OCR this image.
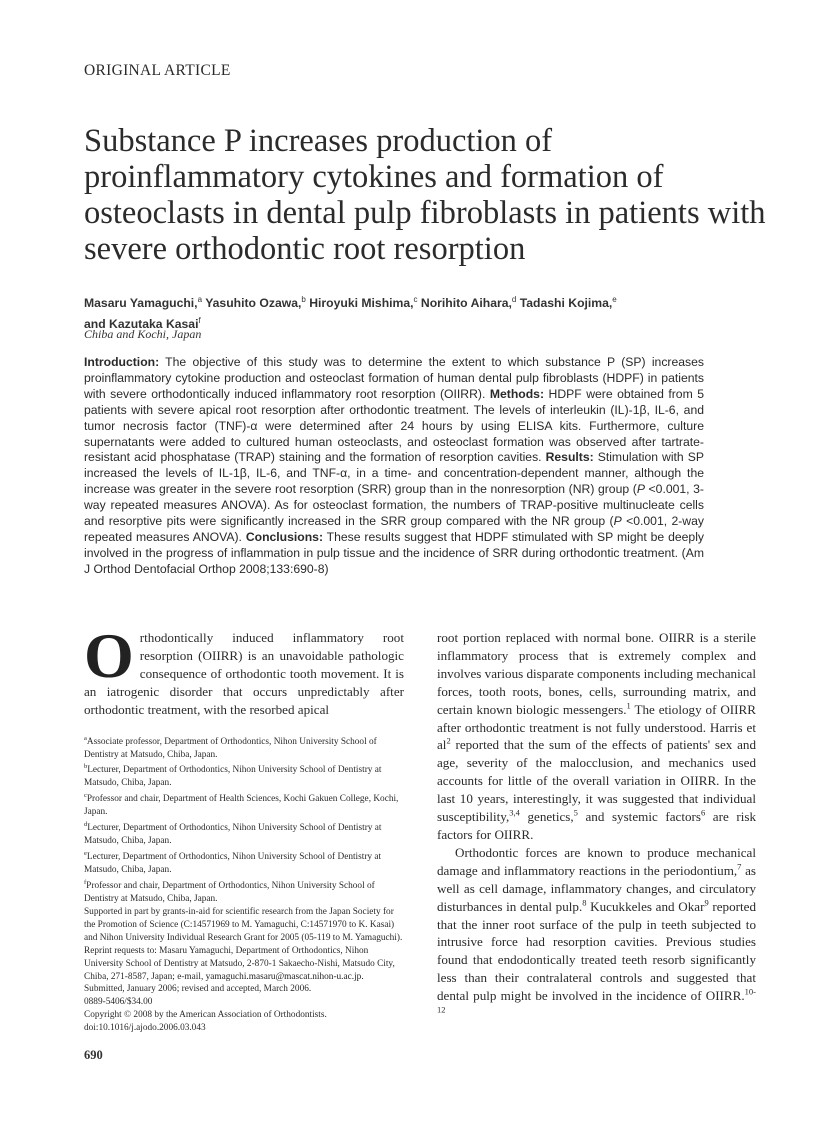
ORIGINAL ARTICLE
Substance P increases production of proinflammatory cytokines and formation of osteoclasts in dental pulp fibroblasts in patients with severe orthodontic root resorption
Masaru Yamaguchi,$^a$ Yasuhito Ozawa,$^b$ Hiroyuki Mishima,$^c$ Norihito Aihara,$^d$ Tadashi Kojima,$^e$
and Kazutaka Kasai$^f$
Chiba and Kochi, Japan
Introduction: The objective of this study was to determine the extent to which substance P (SP) increases proinflammatory cytokine production and osteoclast formation of human dental pulp fibroblasts (HDPF) in patients with severe orthodontically induced inflammatory root resorption (OIIRR). Methods: HDPF were obtained from 5 patients with severe apical root resorption after orthodontic treatment. The levels of interleukin (IL)-1β, IL-6, and tumor necrosis factor (TNF)-α were determined after 24 hours by using ELISA kits. Furthermore, culture supernatants were added to cultured human osteoclasts, and osteoclast formation was observed after tartrate-resistant acid phosphatase (TRAP) staining and the formation of resorption cavities. Results: Stimulation with SP increased the levels of IL-1β, IL-6, and TNF-α, in a time- and concentration-dependent manner, although the increase was greater in the severe root resorption (SRR) group than in the nonresorption (NR) group (P <0.001, 3-way repeated measures ANOVA). As for osteoclast formation, the numbers of TRAP-positive multinucleate cells and resorptive pits were significantly increased in the SRR group compared with the NR group (P <0.001, 2-way repeated measures ANOVA). Conclusions: These results suggest that HDPF stimulated with SP might be deeply involved in the progress of inflammation in pulp tissue and the incidence of SRR during orthodontic treatment. (Am J Orthod Dentofacial Orthop 2008;133:690-8)

Orthodontically induced inflammatory root resorption (OIIRR) is an unavoidable pathologic consequence of orthodontic tooth movement. It is an iatrogenic disorder that occurs unpredictably after orthodontic treatment, with the resorbed apical

$^a$Associate professor, Department of Orthodontics, Nihon University School of Dentistry at Matsudo, Chiba, Japan.

$^b$Lecturer, Department of Orthodontics, Nihon University School of Dentistry at Matsudo, Chiba, Japan.

$^c$Professor and chair, Department of Health Sciences, Kochi Gakuen College, Kochi, Japan.

$^d$Lecturer, Department of Orthodontics, Nihon University School of Dentistry at Matsudo, Chiba, Japan.

$^e$Lecturer, Department of Orthodontics, Nihon University School of Dentistry at Matsudo, Chiba, Japan.

$^f$Professor and chair, Department of Orthodontics, Nihon University School of Dentistry at Matsudo, Chiba, Japan.

Supported in part by grants-in-aid for scientific research from the Japan Society for the Promotion of Science (C:14571969 to M. Yamaguchi, C:14571970 to K. Kasai) and Nihon University Individual Research Grant for 2005 (05-119 to M. Yamaguchi).

Reprint requests to: Masaru Yamaguchi, Department of Orthodontics, Nihon University School of Dentistry at Matsudo, 2-870-1 Sakaecho-Nishi, Matsudo City, Chiba, 271-8587, Japan; e-mail, yamaguchi.masaru@mascat.nihon-u.ac.jp.

Submitted, January 2006; revised and accepted, March 2006.

0889-5406/$34.00

Copyright © 2008 by the American Association of Orthodontists.

doi:10.1016/j.ajodo.2006.03.043

root portion replaced with normal bone. OIIRR is a sterile inflammatory process that is extremely complex and involves various disparate components including mechanical forces, tooth roots, bones, cells, surrounding matrix, and certain known biologic messengers.$^1$ The etiology of OIIRR after orthodontic treatment is not fully understood. Harris et $al^2$ reported that the sum of the effects of patients' sex and age, severity of the malocclusion, and mechanics used accounts for little of the overall variation in OIIRR. In the last 10 years, interestingly, it was suggested that individual susceptibility,$^{3,4}$ genetics,$^5$ and systemic factors$^6$ are risk factors for OIIRR.

Orthodontic forces are known to produce mechanical damage and inflammatory reactions in the periodontium,$^7$ as well as cell damage, inflammatory changes, and circulatory disturbances in dental pulp.$^8$ Kucukkeles and Okar$^9$ reported that the inner root surface of the pulp in teeth subjected to intrusive force had resorption cavities. Previous studies found that endodontically treated teeth resorb significantly less than their contralateral controls and suggested that dental pulp might be involved in the incidence of OIIRR.$^{10-12}$

690
